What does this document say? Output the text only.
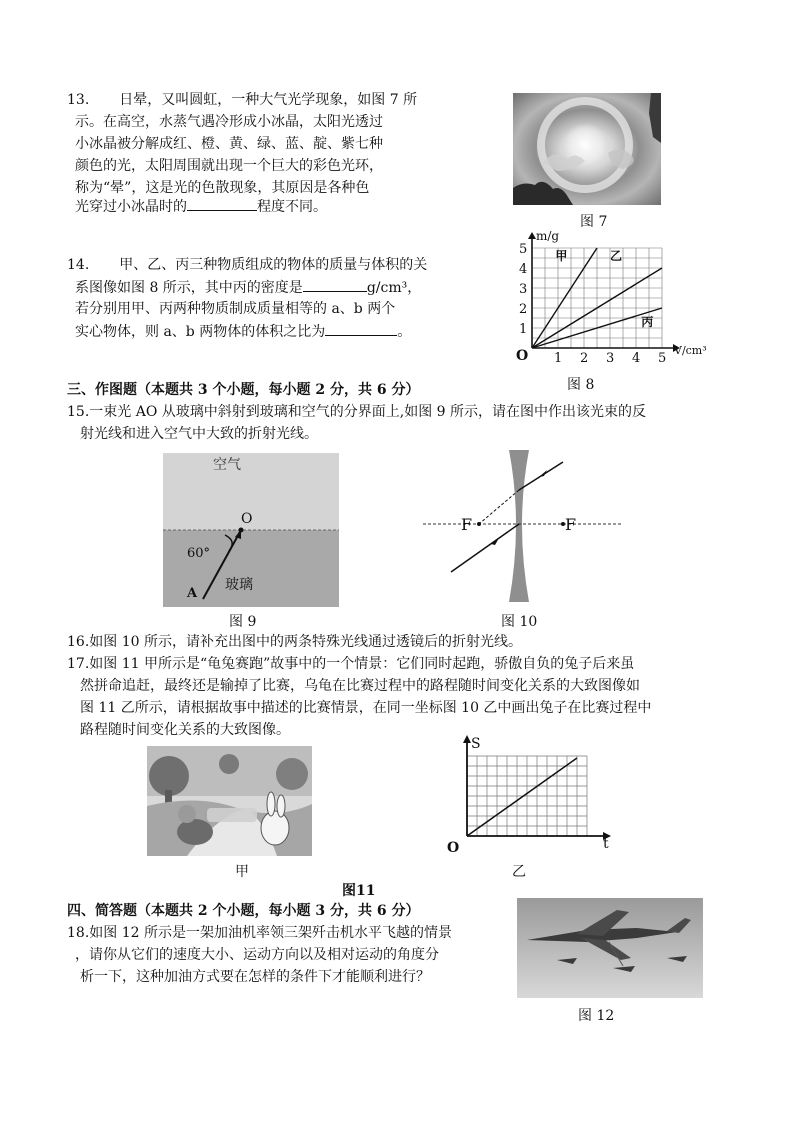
13. 日晕，又叫圆虹，一种大气光学现象，如图 7 所
示。在高空，水蒸气遇冷形成小冰晶，太阳光透过
小冰晶被分解成红、橙、黄、绿、蓝、靛、紫七种
颜色的光，太阳周围就出现一个巨大的彩色光环，
称为“晕”，这是光的色散现象，其原因是各种色
光穿过小冰晶时的	程度不同。
图 7
14. 甲、乙、丙三种物质组成的物体的质量与体积的关
系图像如图 8 所示，其中丙的密度是	g/cm³，
若分别用甲、丙两种物质制成质量相等的 a、b 两个
实心物体，则 a、b 两物体的体积之比为	。
1 2 3 4 5
1
2
3
4
5
O
m/g
V/cm³
甲	乙
丙
图 8
三、作图题（本题共 3 个小题，每小题 2 分，共 6 分）
15.一束光 AO 从玻璃中斜射到玻璃和空气的分界面上,如图 9 所示，请在图中作出该光束的反
射光线和进入空气中大致的折射光线。
空气
玻璃
O
A
60°
图 9
F	F
图 10
16.如图 10 所示，请补充出图中的两条特殊光线通过透镜后的折射光线。
17.如图 11 甲所示是“龟兔赛跑”故事中的一个情景：它们同时起跑，骄傲自负的兔子后来虽
然拼命追赶，最终还是输掉了比赛，乌龟在比赛过程中的路程随时间变化关系的大致图像如
图 11 乙所示，请根据故事中描述的比赛情景，在同一坐标图 10 乙中画出兔子在比赛过程中
路程随时间变化关系的大致图像。
甲
S
t
O
乙
图11
四、简答题（本题共 2 个小题，每小题 3 分，共 6 分）
18.如图 12 所示是一架加油机率领三架歼击机水平飞越的情景
，请你从它们的速度大小、运动方向以及相对运动的角度分
析一下，这种加油方式要在怎样的条件下才能顺利进行？
图 12
